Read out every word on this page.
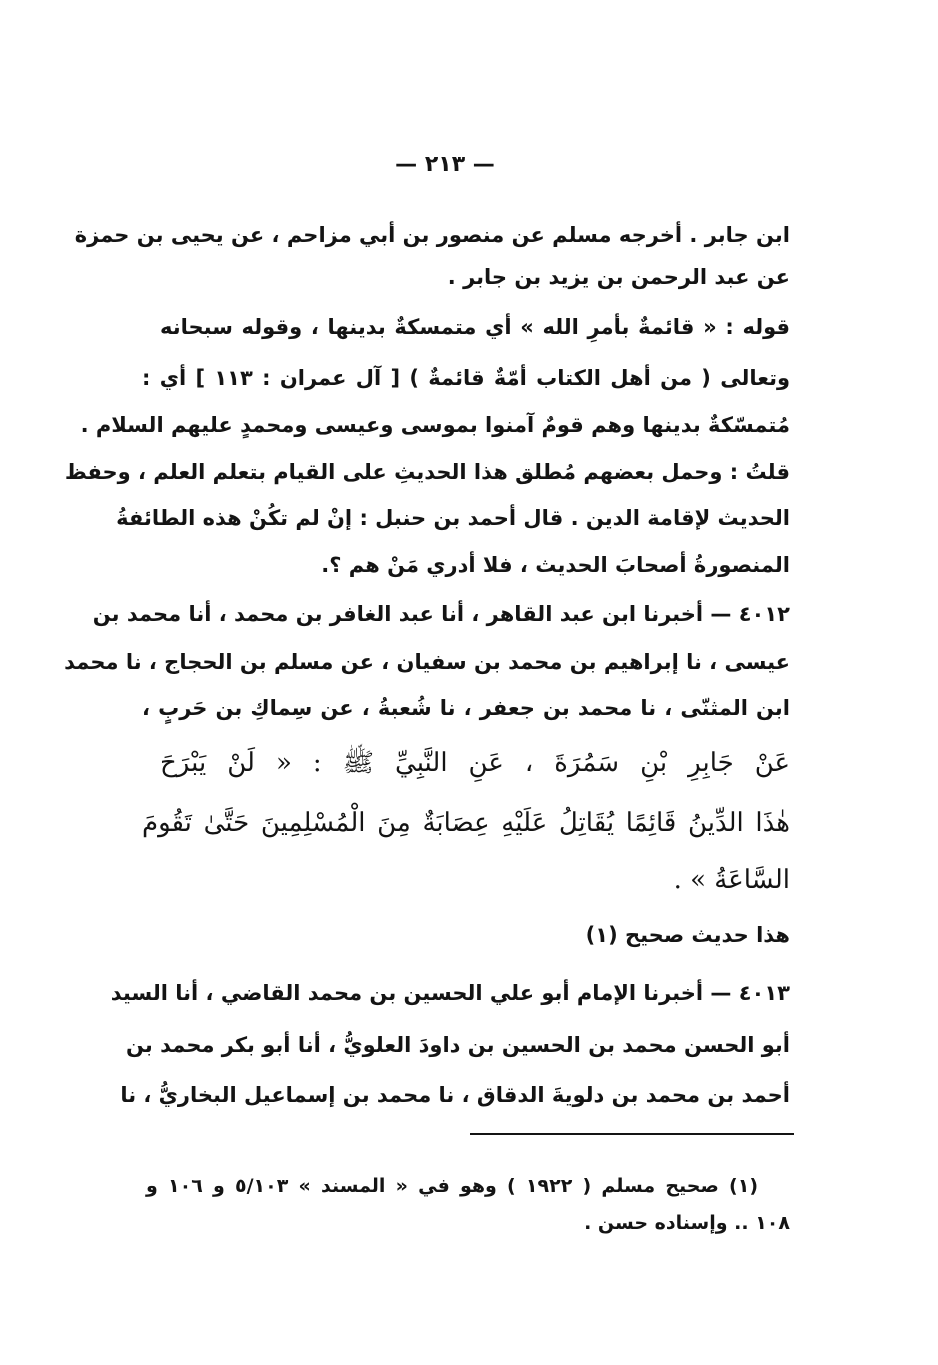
— ٢١٣ —
ابن جابر . أخرجه مسلم عن منصور بن أبي مزاحم ، عن يحيى بن حمزة
عن عبد الرحمن بن يزيد بن جابر .
قوله : « قائمةٌ بأمرِ الله » أي متمسكةٌ بدينها ، وقوله سبحانه
وتعالى ( من أهل الكتاب أمّةٌ قائمةٌ ) [ آل عمران : ١١٣ ] أي :
مُتمسّكةٌ بدينها وهم قومٌ آمنوا بموسى وعيسى ومحمدٍ عليهم السلام .
قلتُ : وحمل بعضهم مُطلق هذا الحديثِ على القيام بتعلم العلم ، وحفظ
الحديث لإقامة الدين . قال أحمد بن حنبل : إنْ لم تكُنْ هذه الطائفةُ
المنصورةُ أصحابَ الحديث ، فلا أدري مَنْ هم ؟.
٤٠١٢ — أخبرنا ابن عبد القاهر ، أنا عبد الغافر بن محمد ، أنا محمد بن
عيسى ، نا إبراهيم بن محمد بن سفيان ، عن مسلم بن الحجاج ، نا محمد
ابن المثنّى ، نا محمد بن جعفر ، نا شُعبةُ ، عن سِماكِ بن حَربٍ ،
عَنْ جَابِرِ بْنِ سَمُرَةَ ، عَنِ النَّبِيِّ ﷺ : « لَنْ يَبْرَحَ
هٰذَا الدِّينُ قَائِمًا يُقَاتِلُ عَلَيْهِ عِصَابَةٌ مِنَ الْمُسْلِمِينَ حَتَّىٰ تَقُومَ
السَّاعَةُ » .
هذا حديث صحيح (١)
٤٠١٣ — أخبرنا الإمام أبو علي الحسين بن محمد القاضي ، أنا السيد
أبو الحسن محمد بن الحسين بن داودَ العلويُّ ، أنا أبو بكر محمد بن
أحمد بن محمد بن دلويةَ الدقاق ، نا محمد بن إسماعيل البخاريُّ ، نا
(١) صحيح مسلم ( ١٩٢٢ ) وهو في « المسند » ٥/١٠٣ و ١٠٦ و
١٠٨ .. وإسناده حسن .
